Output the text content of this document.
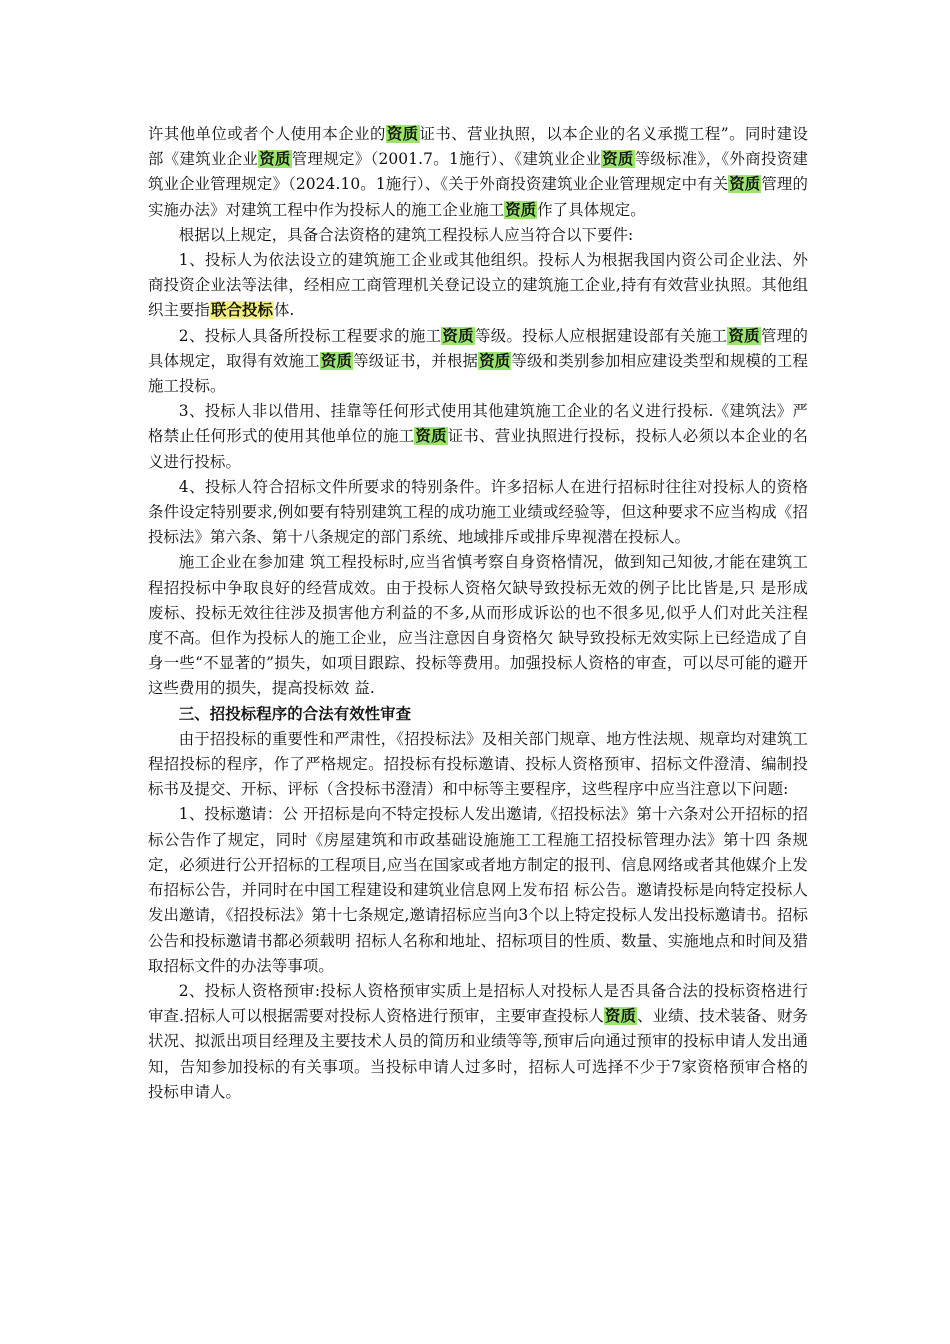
许其他单位或者个人使用本企业的资质证书、营业执照，以本企业的名义承揽工程”。同时建设部《建筑业企业资质管理规定》（2001.7。1施行）、《建筑业企业资质等级标准》，《外商投资建筑业企业管理规定》（2024.10。1施行）、《关于外商投资建筑业企业管理规定中有关资质管理的实施办法》对建筑工程中作为投标人的施工企业施工资质作了具体规定。

根据以上规定，具备合法资格的建筑工程投标人应当符合以下要件:

1、投标人为依法设立的建筑施工企业或其他组织。投标人为根据我国内资公司企业法、外商投资企业法等法律，经相应工商管理机关登记设立的建筑施工企业,持有有效营业执照。其他组织主要指联合投标体.

2、投标人具备所投标工程要求的施工资质等级。投标人应根据建设部有关施工资质管理的具体规定，取得有效施工资质等级证书，并根据资质等级和类别参加相应建设类型和规模的工程施工投标。

3、投标人非以借用、挂靠等任何形式使用其他建筑施工企业的名义进行投标.《建筑法》严格禁止任何形式的使用其他单位的施工资质证书、营业执照进行投标，投标人必须以本企业的名义进行投标。

4、投标人符合招标文件所要求的特别条件。许多招标人在进行招标时往往对投标人的资格条件设定特别要求,例如要有特别建筑工程的成功施工业绩或经验等，但这种要求不应当构成《招投标法》第六条、第十八条规定的部门系统、地域排斥或排斥卑视潜在投标人。

施工企业在参加建 筑工程投标时,应当省慎考察自身资格情况，做到知己知彼,才能在建筑工程招投标中争取良好的经营成效。由于投标人资格欠缺导致投标无效的例子比比皆是,只 是形成废标、投标无效往往涉及损害他方利益的不多,从而形成诉讼的也不很多见,似乎人们对此关注程度不高。但作为投标人的施工企业，应当注意因自身资格欠 缺导致投标无效实际上已经造成了自身一些“不显著的”损失，如项目跟踪、投标等费用。加强投标人资格的审查，可以尽可能的避开这些费用的损失，提高投标效 益.

三、招投标程序的合法有效性审查

由于招投标的重要性和严肃性，《招投标法》及相关部门规章、地方性法规、规章均对建筑工程招投标的程序，作了严格规定。招投标有投标邀请、投标人资格预审、招标文件澄清、编制投标书及提交、开标、评标（含投标书澄清）和中标等主要程序，这些程序中应当注意以下问题:

1、投标邀请：公 开招标是向不特定投标人发出邀请,《招投标法》第十六条对公开招标的招标公告作了规定，同时《房屋建筑和市政基础设施施工工程施工招投标管理办法》第十四 条规定，必须进行公开招标的工程项目,应当在国家或者地方制定的报刊、信息网络或者其他媒介上发布招标公告，并同时在中国工程建设和建筑业信息网上发布招 标公告。邀请投标是向特定投标人发出邀请，《招投标法》第十七条规定,邀请招标应当向3个以上特定投标人发出投标邀请书。招标公告和投标邀请书都必须载明 招标人名称和地址、招标项目的性质、数量、实施地点和时间及猎取招标文件的办法等事项。

2、投标人资格预审:投标人资格预审实质上是招标人对投标人是否具备合法的投标资格进行审查.招标人可以根据需要对投标人资格进行预审，主要审查投标人资质、业绩、技术装备、财务状况、拟派出项目经理及主要技术人员的简历和业绩等等,预审后向通过预审的投标申请人发出通知，告知参加投标的有关事项。当投标申请人过多时，招标人可选择不少于7家资格预审合格的投标申请人。
